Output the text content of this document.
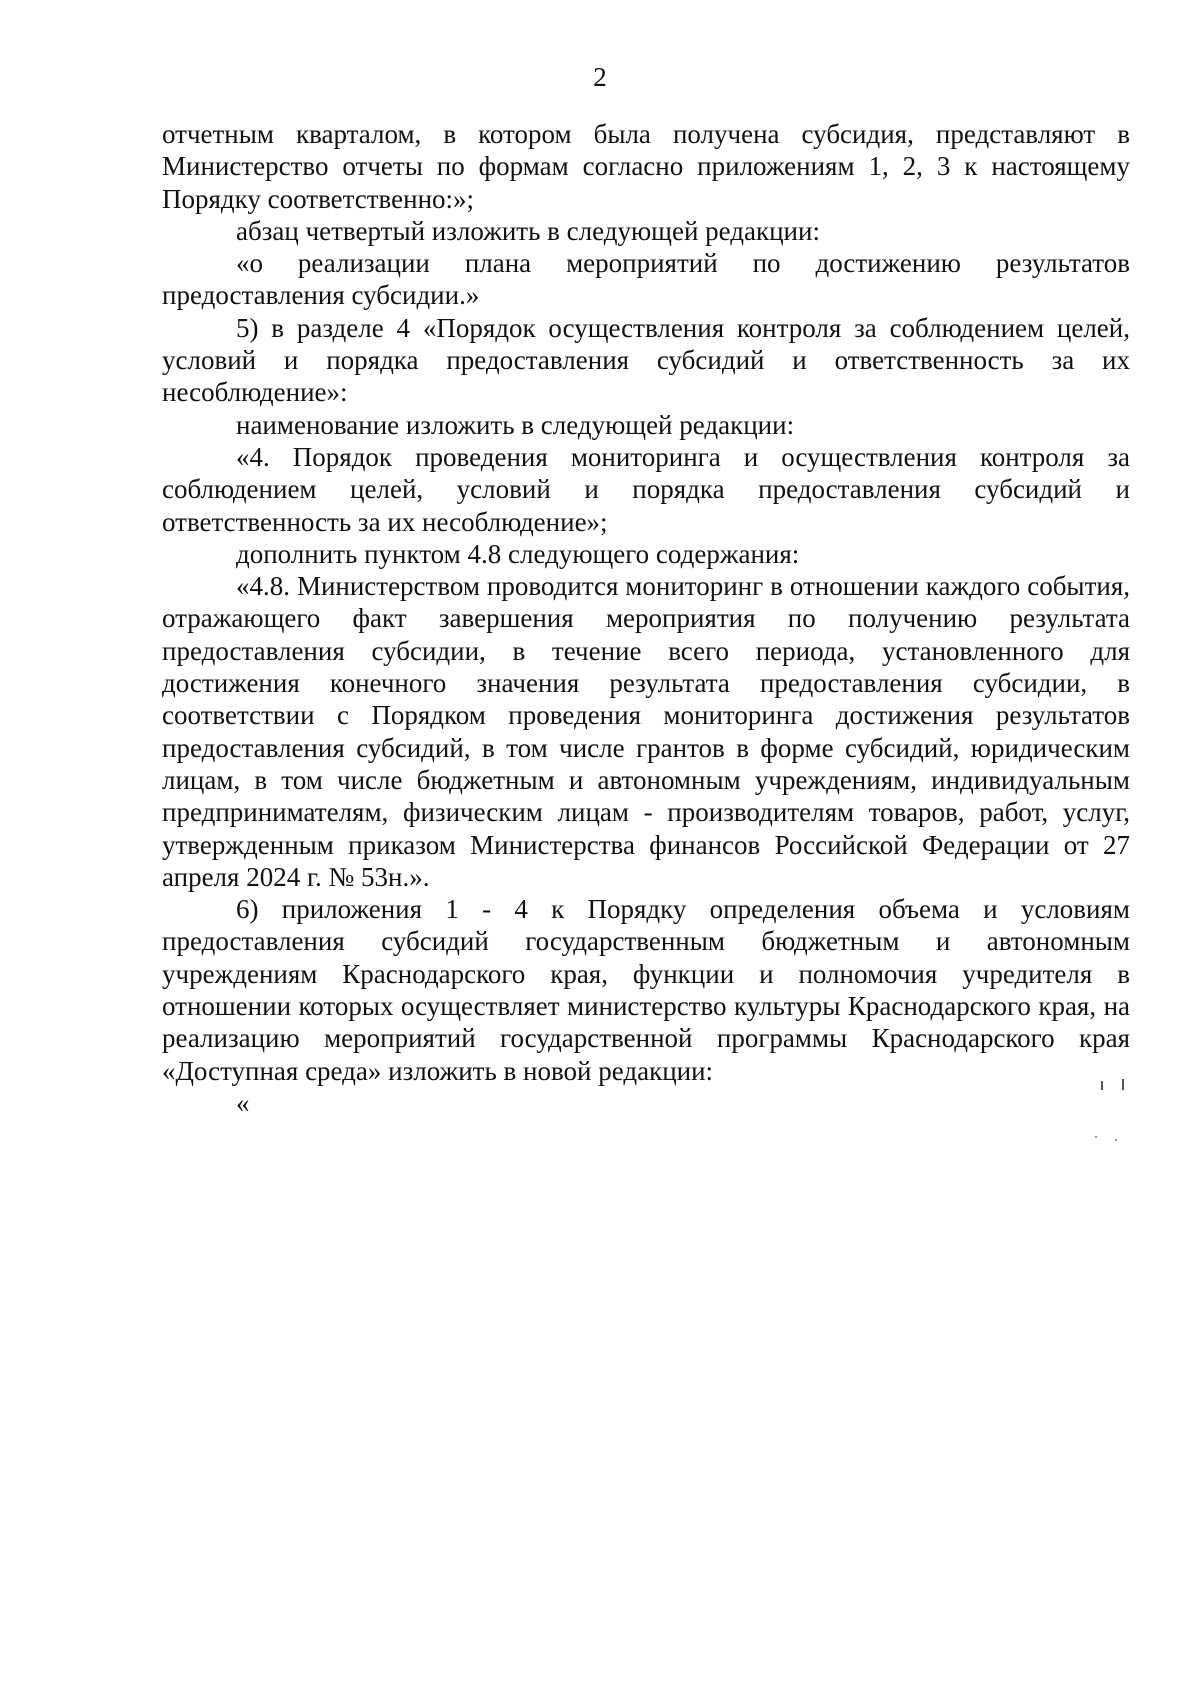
2

отчетным кварталом, в котором была получена субсидия, представляют в Министерство отчеты по формам согласно приложениям 1, 2, 3 к настоящему Порядку соответственно:»;

абзац четвертый изложить в следующей редакции:

«о реализации плана мероприятий по достижению результатов предоставления субсидии.»

5) в разделе 4 «Порядок осуществления контроля за соблюдением целей, условий и порядка предоставления субсидий и ответственность за их несоблюдение»:

наименование изложить в следующей редакции:

«4. Порядок проведения мониторинга и осуществления контроля за соблюдением целей, условий и порядка предоставления субсидий и ответственность за их несоблюдение»;

дополнить пунктом 4.8 следующего содержания:

«4.8. Министерством проводится мониторинг в отношении каждого события, отражающего факт завершения мероприятия по получению результата предоставления субсидии, в течение всего периода, установленного для достижения конечного значения результата предоставления субсидии, в соответствии с Порядком проведения мониторинга достижения результатов предоставления субсидий, в том числе грантов в форме субсидий, юридическим лицам, в том числе бюджетным и автономным учреждениям, индивидуальным предпринимателям, физическим лицам - производителям товаров, работ, услуг, утвержденным приказом Министерства финансов Российской Федерации от 27 апреля 2024 г. № 53н.».

6) приложения 1 - 4 к Порядку определения объема и условиям предоставления субсидий государственным бюджетным и автономным учреждениям Краснодарского края, функции и полномочия учредителя в отношении которых осуществляет министерство культуры Краснодарского края, на реализацию мероприятий государственной программы Краснодарского края «Доступная среда» изложить в новой редакции:

«
